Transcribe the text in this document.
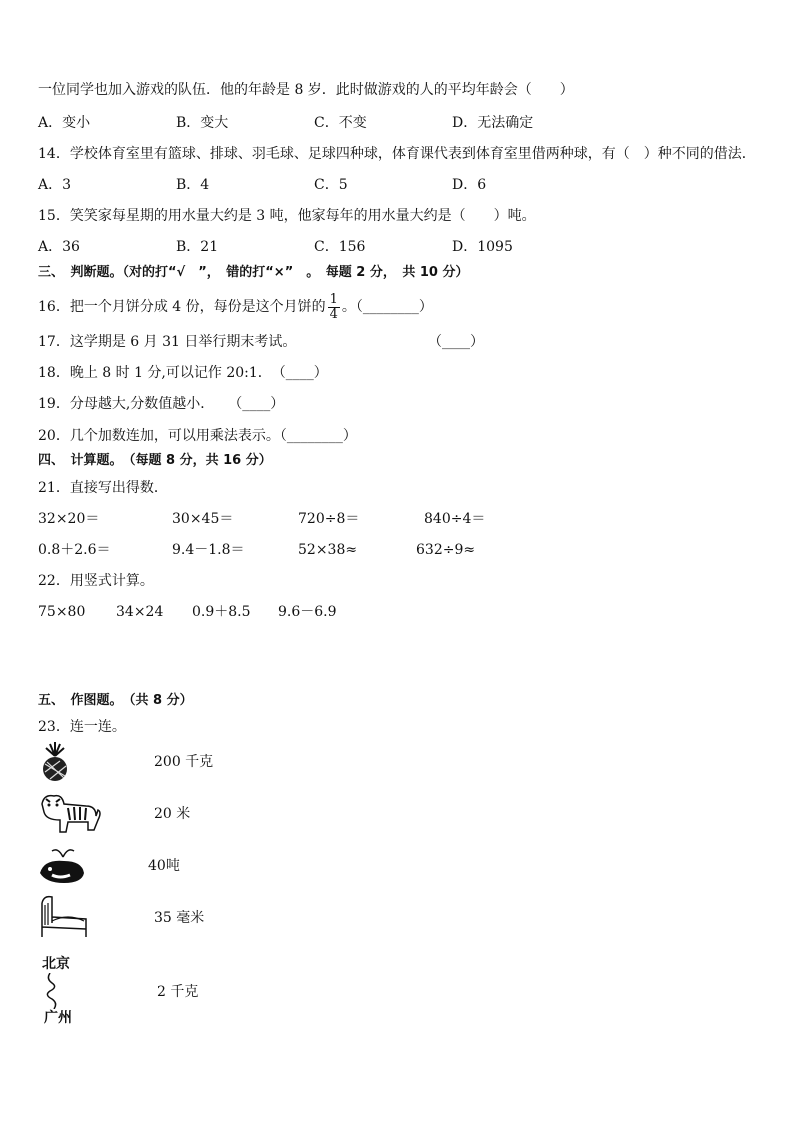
一位同学也加入游戏的队伍．他的年龄是 8 岁．此时做游戏的人的平均年龄会（　　）
A．变小	B．变大	C．不变	D．无法确定
14．学校体育室里有篮球、排球、羽毛球、足球四种球，体育课代表到体育室里借两种球，有（　）种不同的借法．
A．3	B．4	C．5	D．6
15．笑笑家每星期的用水量大约是 3 吨，他家每年的用水量大约是（　　）吨。
A．36	B．21	C．156	D．1095
三、　判断题。（对的打“√　”，　错的打“×”　。　每题 2 分，　共 10 分）
16．把一个月饼分成 4 份，每份是这个月饼的 $\frac{1}{4}$ 。（________）
17．这学期是 6 月 31 日举行期末考试。	（____）
18．晚上 8 时 1 分,可以记作 20:1．　（____）
19．分母越大,分数值越小．　　（____）
20．几个加数连加，可以用乘法表示。（________）
四、　计算题。　（每题 8 分，共 16 分）
21．直接写出得数．
32×20＝	30×45＝	720÷8＝	840÷4＝
0.8＋2.6＝	9.4－1.8＝	52×38≈	632÷9≈
22．用竖式计算。
75×80 34×24 0.9＋8.5 9.6－6.9
五、　作图题。　（共 8 分）
23．连一连。
200 千克
20 米
40吨
35 毫米
北京
广州
2 千克
